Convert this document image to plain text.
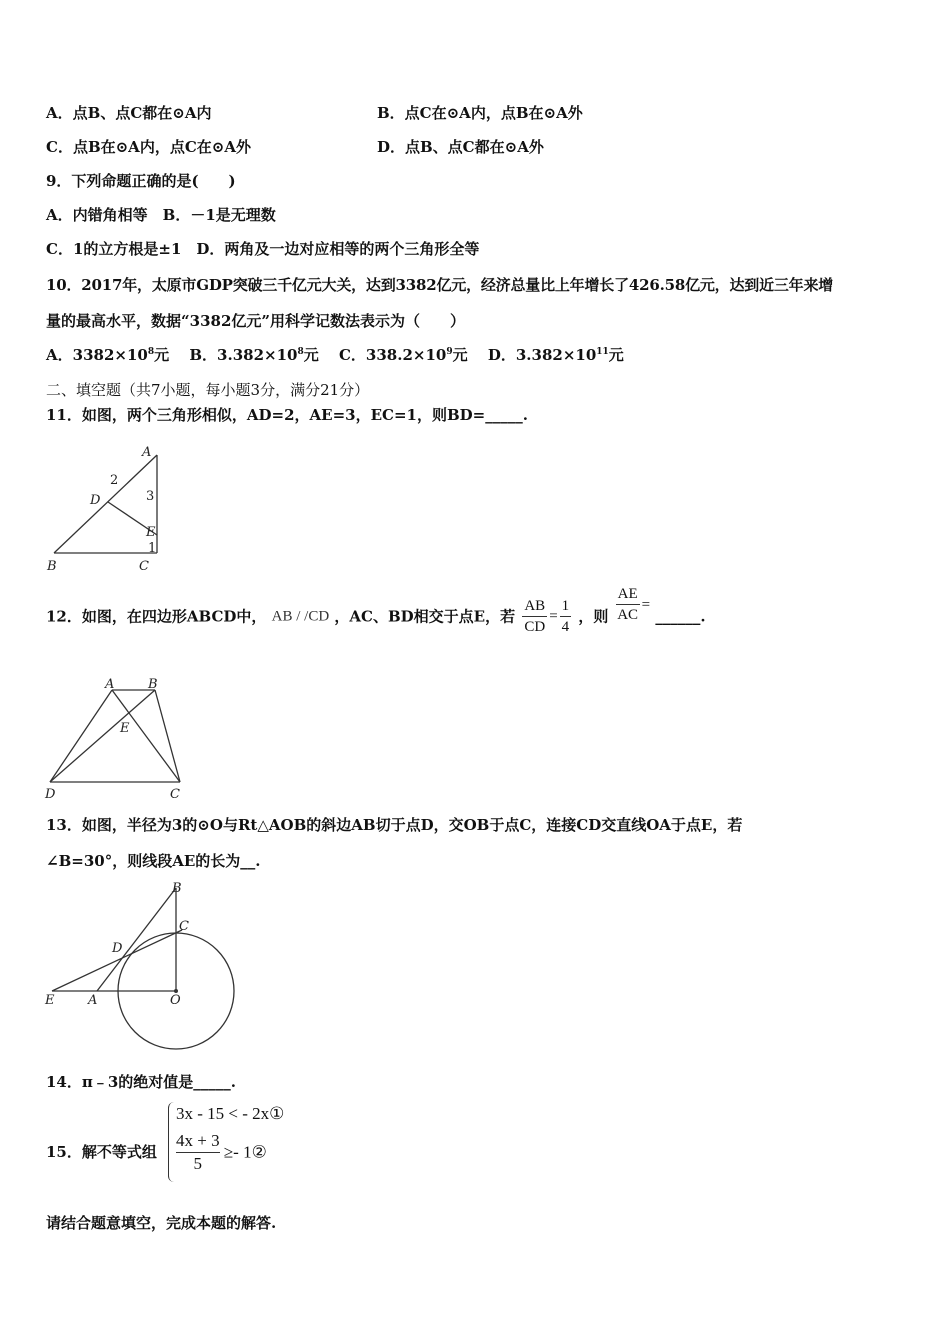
A．点B、点C都在⊙A内	B．点C在⊙A内，点B在⊙A外
C．点B在⊙A内，点C在⊙A外	D．点B、点C都在⊙A外
9．下列命题正确的是(　　)
A．内错角相等　B．－1是无理数
C．1的立方根是±1　D．两角及一边对应相等的两个三角形全等
10．2017年，太原市GDP突破三千亿元大关，达到3382亿元，经济总量比上年增长了426.58亿元，达到近三年来增
量的最高水平，数据“3382亿元”用科学记数法表示为（　　）
A．$3382\times 10^8$元　 B．$3.382\times 10^8$元　 C．$338.2\times 10^9$元　 D．$3.382\times 10^{11}$元
二、填空题（共7小题，每小题3分，满分21分）
11．如图，两个三角形相似，AD=2，AE=3，EC=1，则BD=_____.
A
B	C
D
E
2
3
1
12．如图，在四边形ABCD中， AB / /CD ，AC、BD相交于点E，若 $\frac{AB}{CD} = \frac{1}{4}$ ，则 $\frac{AE}{AC}$ = ______.
A	B
C
D
E
13．如图，半径为3的⊙O与Rt△AOB的斜边AB切于点D，交OB于点C，连接CD交直线OA于点E，若
∠B=30°，则线段AE的长为__.
B
C
D
E	A	O
14．π﹣3的绝对值是_____.
15．解不等式组
3x - 15 < - 2x①
$\frac{4x + 3}{5}$ ≥- 1②
请结合题意填空，完成本题的解答.
